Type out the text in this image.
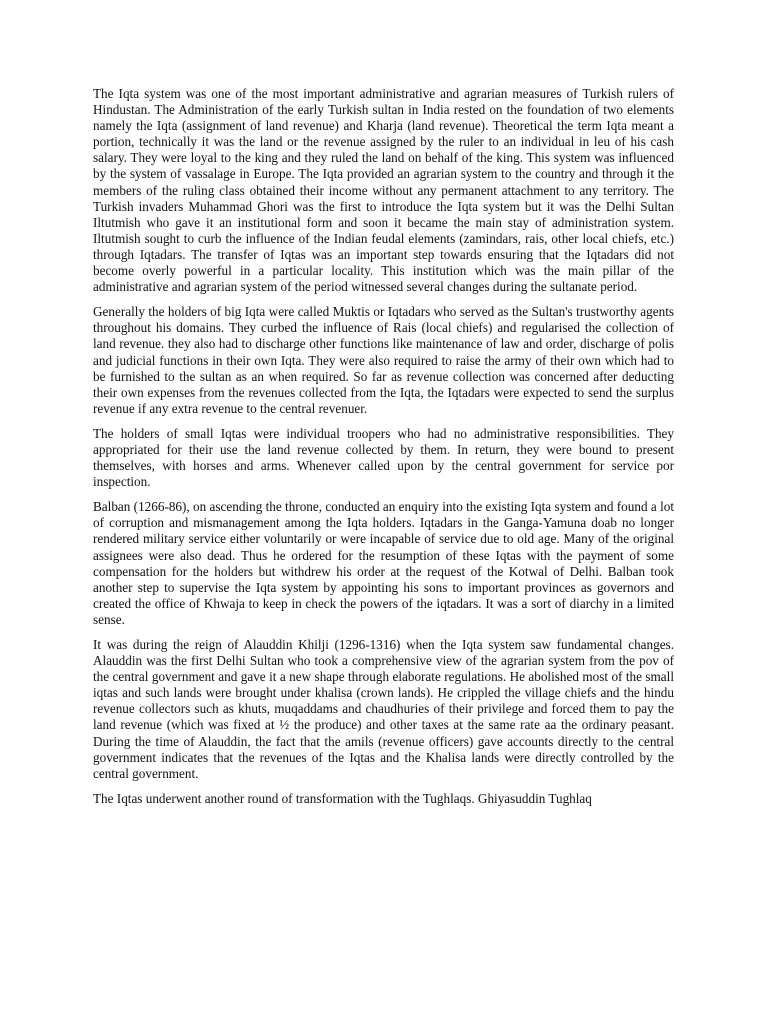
The Iqta system was one of the most important administrative and agrarian measures of Turkish rulers of Hindustan. The Administration of the early Turkish sultan in India rested on the foundation of two elements namely the Iqta (assignment of land revenue) and Kharja (land revenue). Theoretical the term Iqta meant a portion, technically it was the land or the revenue assigned by the ruler to an individual in leu of his cash salary. They were loyal to the king and they ruled the land on behalf of the king. This system was influenced by the system of vassalage in Europe. The Iqta provided an agrarian system to the country and through it the members of the ruling class obtained their income without any permanent attachment to any territory. The Turkish invaders Muhammad Ghori was the first to introduce the Iqta system but it was the Delhi Sultan Iltutmish who gave it an institutional form and soon it became the main stay of administration system. Iltutmish sought to curb the influence of the Indian feudal elements (zamindars, rais, other local chiefs, etc.) through Iqtadars. The transfer of Iqtas was an important step towards ensuring that the Iqtadars did not become overly powerful in a particular locality. This institution which was the main pillar of the administrative and agrarian system of the period witnessed several changes during the sultanate period.

Generally the holders of big Iqta were called Muktis or Iqtadars who served as the Sultan's trustworthy agents throughout his domains. They curbed the influence of Rais (local chiefs) and regularised the collection of land revenue. they also had to discharge other functions like maintenance of law and order, discharge of polis and judicial functions in their own Iqta. They were also required to raise the army of their own which had to be furnished to the sultan as an when required. So far as revenue collection was concerned after deducting their own expenses from the revenues collected from the Iqta, the Iqtadars were expected to send the surplus revenue if any extra revenue to the central revenuer.

The holders of small Iqtas were individual troopers who had no administrative responsibilities. They appropriated for their use the land revenue collected by them. In return, they were bound to present themselves, with horses and arms. Whenever called upon by the central government for service por inspection.

Balban (1266-86), on ascending the throne, conducted an enquiry into the existing Iqta system and found a lot of corruption and mismanagement among the Iqta holders. Iqtadars in the Ganga-Yamuna doab no longer rendered military service either voluntarily or were incapable of service due to old age. Many of the original assignees were also dead. Thus he ordered for the resumption of these Iqtas with the payment of some compensation for the holders but withdrew his order at the request of the Kotwal of Delhi. Balban took another step to supervise the Iqta system by appointing his sons to important provinces as governors and created the office of Khwaja to keep in check the powers of the iqtadars. It was a sort of diarchy in a limited sense.

It was during the reign of Alauddin Khilji (1296-1316) when the Iqta system saw fundamental changes. Alauddin was the first Delhi Sultan who took a comprehensive view of the agrarian system from the pov of the central government and gave it a new shape through elaborate regulations. He abolished most of the small iqtas and such lands were brought under khalisa (crown lands). He crippled the village chiefs and the hindu revenue collectors such as khuts, muqaddams and chaudhuries of their privilege and forced them to pay the land revenue (which was fixed at ½ the produce) and other taxes at the same rate aa the ordinary peasant. During the time of Alauddin, the fact that the amils (revenue officers) gave accounts directly to the central government indicates that the revenues of the Iqtas and the Khalisa lands were directly controlled by the central government.

The Iqtas underwent another round of transformation with the Tughlaqs. Ghiyasuddin Tughlaq
